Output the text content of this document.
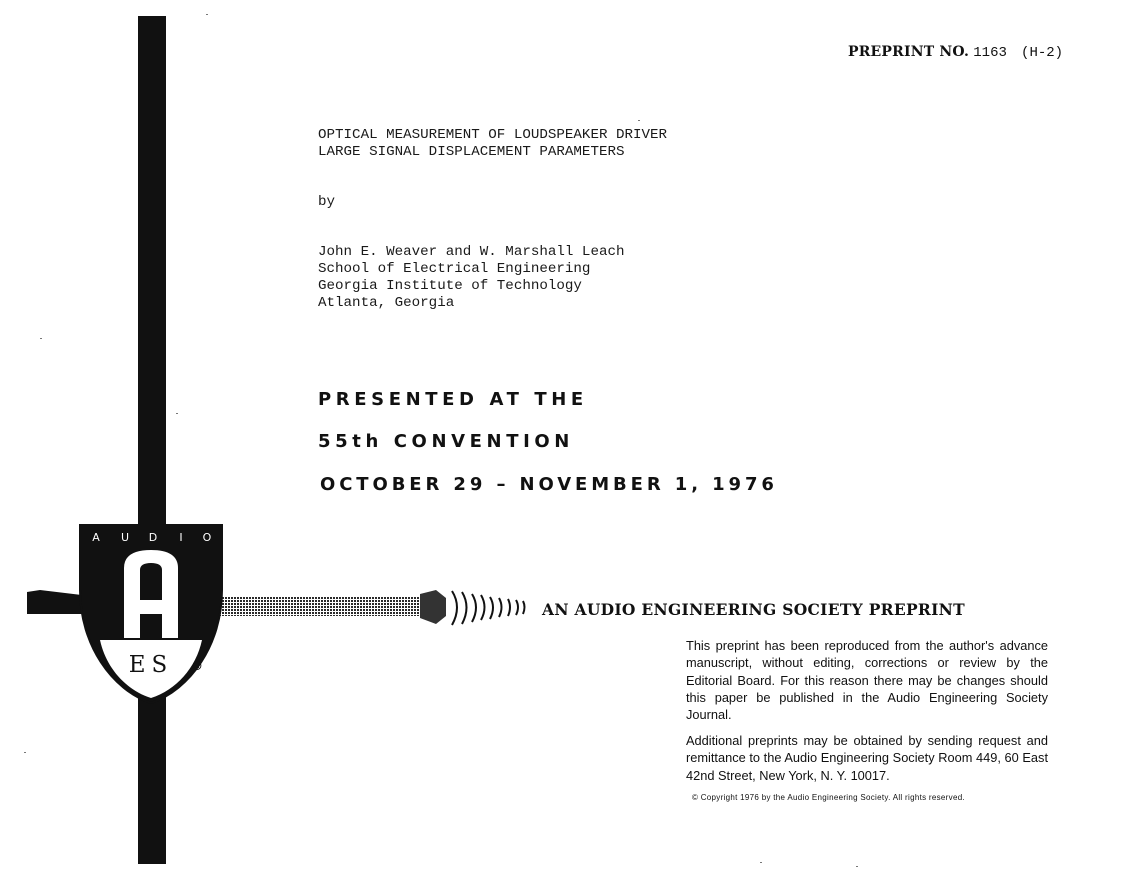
A U D I O
ES ®
PREPRINT NO. 1163 (H-2)
OPTICAL MEASUREMENT OF LOUDSPEAKER DRIVER
LARGE SIGNAL DISPLACEMENT PARAMETERS
by
John E. Weaver and W. Marshall Leach
School of Electrical Engineering
Georgia Institute of Technology
Atlanta, Georgia
PRESENTED AT THE
55th CONVENTION
OCTOBER 29 – NOVEMBER 1, 1976
AN AUDIO ENGINEERING SOCIETY PREPRINT
This preprint has been reproduced from the author's advance manuscript, without editing, corrections or review by the Editorial Board. For this reason there may be changes should this paper be published in the Audio Engineering Society Journal.
Additional preprints may be obtained by sending request and remittance to the Audio Engineering Society Room 449, 60 East 42nd Street, New York, N. Y. 10017.
© Copyright 1976 by the Audio Engineering Society. All rights reserved.
